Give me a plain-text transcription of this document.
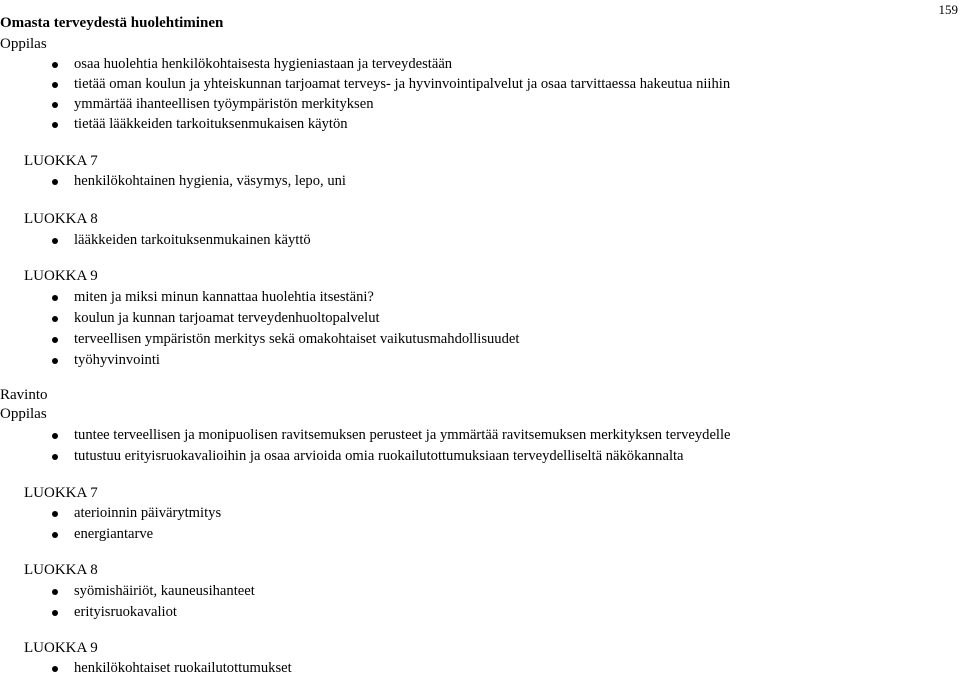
159
Omasta terveydestä huolehtiminen
Oppilas
osaa huolehtia henkilökohtaisesta hygieniastaan ja terveydestään
tietää oman koulun ja yhteiskunnan tarjoamat terveys- ja hyvinvointipalvelut ja osaa tarvittaessa hakeutua niihin
ymmärtää ihanteellisen työympäristön merkityksen
tietää lääkkeiden tarkoituksenmukaisen käytön
LUOKKA 7
henkilökohtainen hygienia, väsymys, lepo, uni
LUOKKA 8
lääkkeiden tarkoituksenmukainen käyttö
LUOKKA 9
miten ja miksi minun kannattaa huolehtia itsestäni?
koulun ja kunnan tarjoamat terveydenhuoltopalvelut
terveellisen ympäristön merkitys sekä omakohtaiset vaikutusmahdollisuudet
työhyvinvointi
Ravinto
Oppilas
tuntee terveellisen ja monipuolisen ravitsemuksen perusteet ja ymmärtää ravitsemuksen merkityksen terveydelle
tutustuu erityisruokavalioihin ja osaa arvioida omia ruokailutottumuksiaan terveydelliseltä näkökannalta
LUOKKA 7
aterioinnin päivärytmitys
energiantarve
LUOKKA 8
syömishäiriöt, kauneusihanteet
erityisruokavaliot
LUOKKA 9
henkilökohtaiset ruokailutottumukset
